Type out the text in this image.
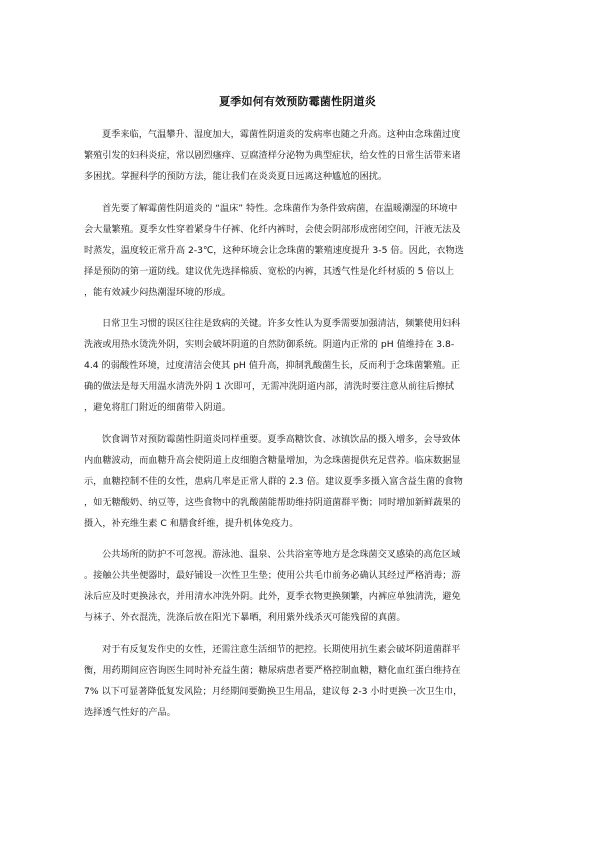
夏季如何有效预防霉菌性阴道炎
夏季来临，气温攀升、湿度加大，霉菌性阴道炎的发病率也随之升高。这种由念珠菌过度
繁殖引发的妇科炎症，常以剧烈瘙痒、豆腐渣样分泌物为典型症状，给女性的日常生活带来诸
多困扰。掌握科学的预防方法，能让我们在炎炎夏日远离这种尴尬的困扰。
首先要了解霉菌性阴道炎的 “温床” 特性。念珠菌作为条件致病菌，在温暖潮湿的环境中
会大量繁殖。夏季女性穿着紧身牛仔裤、化纤内裤时，会使会阴部形成密闭空间，汗液无法及
时蒸发，温度较正常升高 2-3℃，这种环境会让念珠菌的繁殖速度提升 3-5 倍。因此，衣物选
择是预防的第一道防线。建议优先选择棉质、宽松的内裤，其透气性是化纤材质的 5 倍以上
，能有效减少闷热潮湿环境的形成。
日常卫生习惯的误区往往是致病的关键。许多女性认为夏季需要加强清洁，频繁使用妇科
洗液或用热水烫洗外阴，实则会破坏阴道的自然防御系统。阴道内正常的 pH 值维持在 3.8-
4.4 的弱酸性环境，过度清洁会使其 pH 值升高，抑制乳酸菌生长，反而利于念珠菌繁殖。正
确的做法是每天用温水清洗外阴 1 次即可，无需冲洗阴道内部，清洗时要注意从前往后擦拭
，避免将肛门附近的细菌带入阴道。
饮食调节对预防霉菌性阴道炎同样重要。夏季高糖饮食、冰镇饮品的摄入增多，会导致体
内血糖波动，而血糖升高会使阴道上皮细胞含糖量增加，为念珠菌提供充足营养。临床数据显
示，血糖控制不佳的女性，患病几率是正常人群的 2.3 倍。建议夏季多摄入富含益生菌的食物
，如无糖酸奶、纳豆等，这些食物中的乳酸菌能帮助维持阴道菌群平衡；同时增加新鲜蔬果的
摄入，补充维生素 C 和膳食纤维，提升机体免疫力。
公共场所的防护不可忽视。游泳池、温泉、公共浴室等地方是念珠菌交叉感染的高危区域
。接触公共坐便器时，最好铺设一次性卫生垫；使用公共毛巾前务必确认其经过严格消毒；游
泳后应及时更换泳衣，并用清水冲洗外阴。此外，夏季衣物更换频繁，内裤应单独清洗，避免
与袜子、外衣混洗，洗涤后放在阳光下暴晒，利用紫外线杀灭可能残留的真菌。
对于有反复发作史的女性，还需注意生活细节的把控。长期使用抗生素会破坏阴道菌群平
衡，用药期间应咨询医生同时补充益生菌；糖尿病患者要严格控制血糖，糖化血红蛋白维持在
7% 以下可显著降低复发风险；月经期间要勤换卫生用品，建议每 2-3 小时更换一次卫生巾，
选择透气性好的产品。
